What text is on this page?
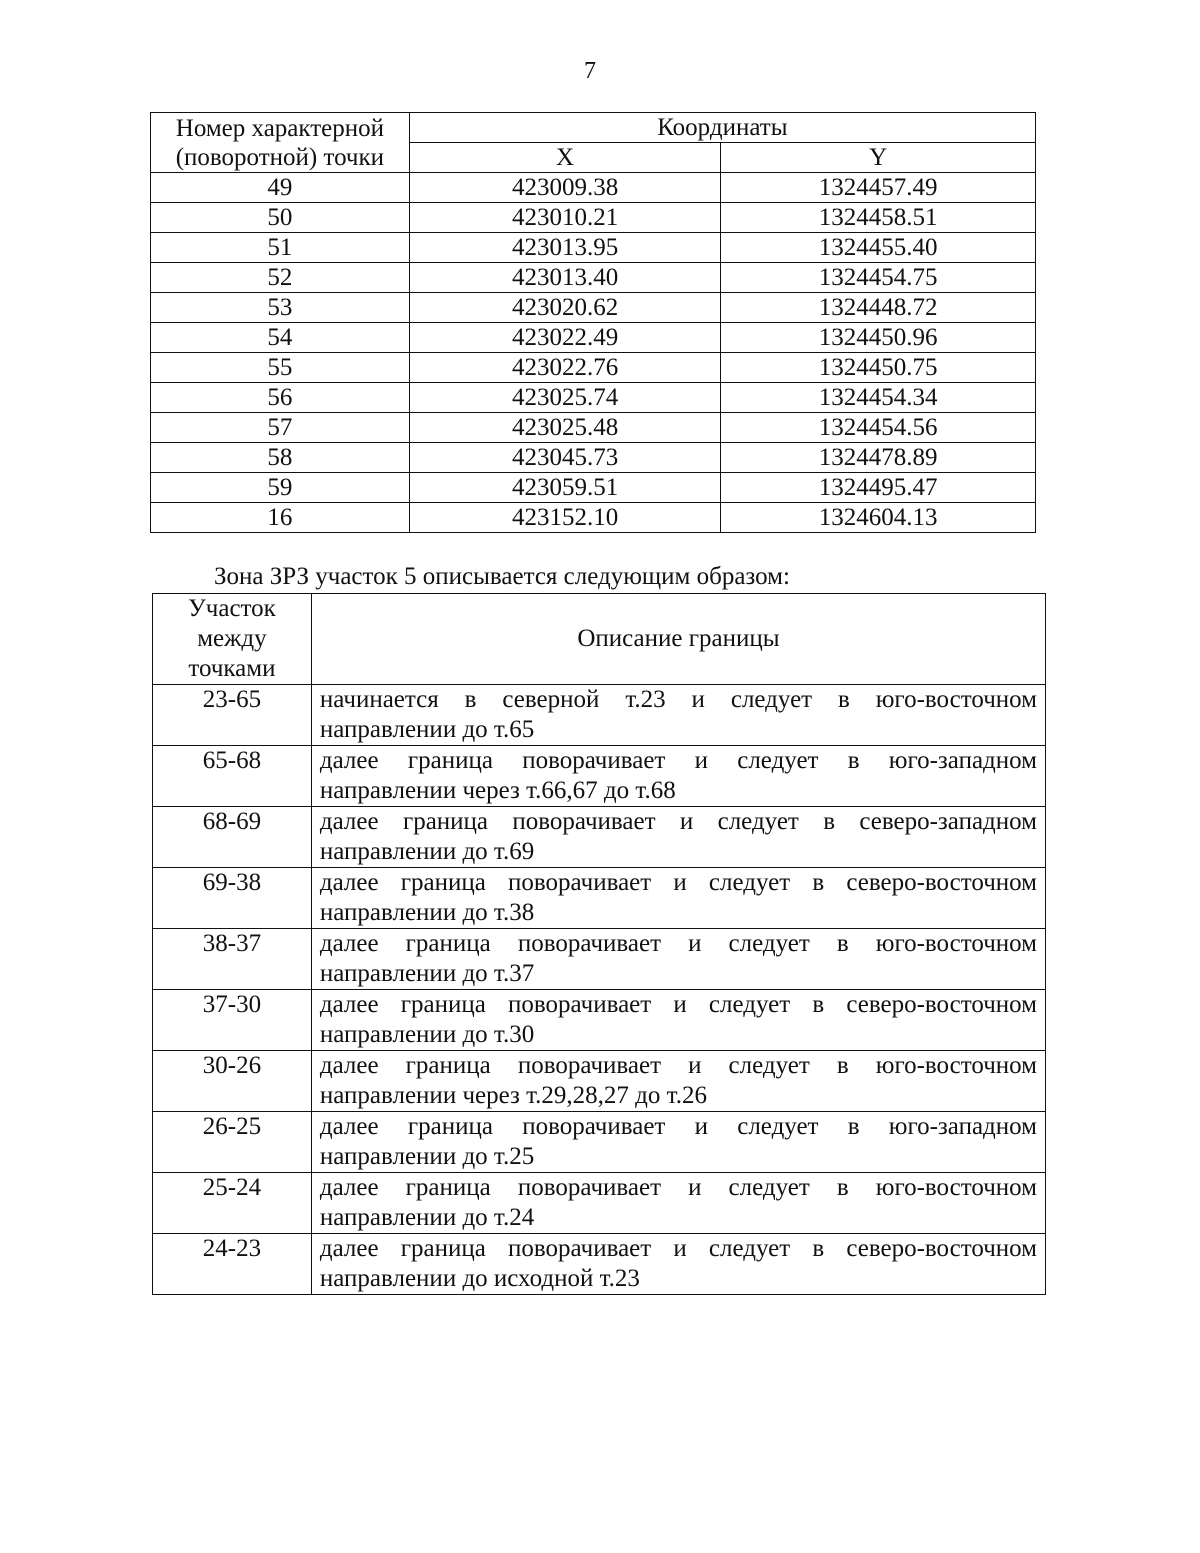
7
Номер характерной (поворотной) точки	Координаты	
	X	Y
49	423009.38	1324457.49
50	423010.21	1324458.51
51	423013.95	1324455.40
52	423013.40	1324454.75
53	423020.62	1324448.72
54	423022.49	1324450.96
55	423022.76	1324450.75
56	423025.74	1324454.34
57	423025.48	1324454.56
58	423045.73	1324478.89
59	423059.51	1324495.47
16	423152.10	1324604.13
Зона ЗРЗ участок 5 описывается следующим образом:
Участок между точками	Описание границы
23-65	начинается в северной т.23 и следует в юго-восточном направлении до т.65
65-68	далее граница поворачивает и следует в юго-западном направлении через т.66,67 до т.68
68-69	далее граница поворачивает и следует в северо-западном направлении до т.69
69-38	далее граница поворачивает и следует в северо-восточном направлении до т.38
38-37	далее граница поворачивает и следует в юго-восточном направлении до т.37
37-30	далее граница поворачивает и следует в северо-восточном направлении до т.30
30-26	далее граница поворачивает и следует в юго-восточном направлении через т.29,28,27 до т.26
26-25	далее граница поворачивает и следует в юго-западном направлении до т.25
25-24	далее граница поворачивает и следует в юго-восточном направлении до т.24
24-23	далее граница поворачивает и следует в северо-восточном направлении до исходной т.23
